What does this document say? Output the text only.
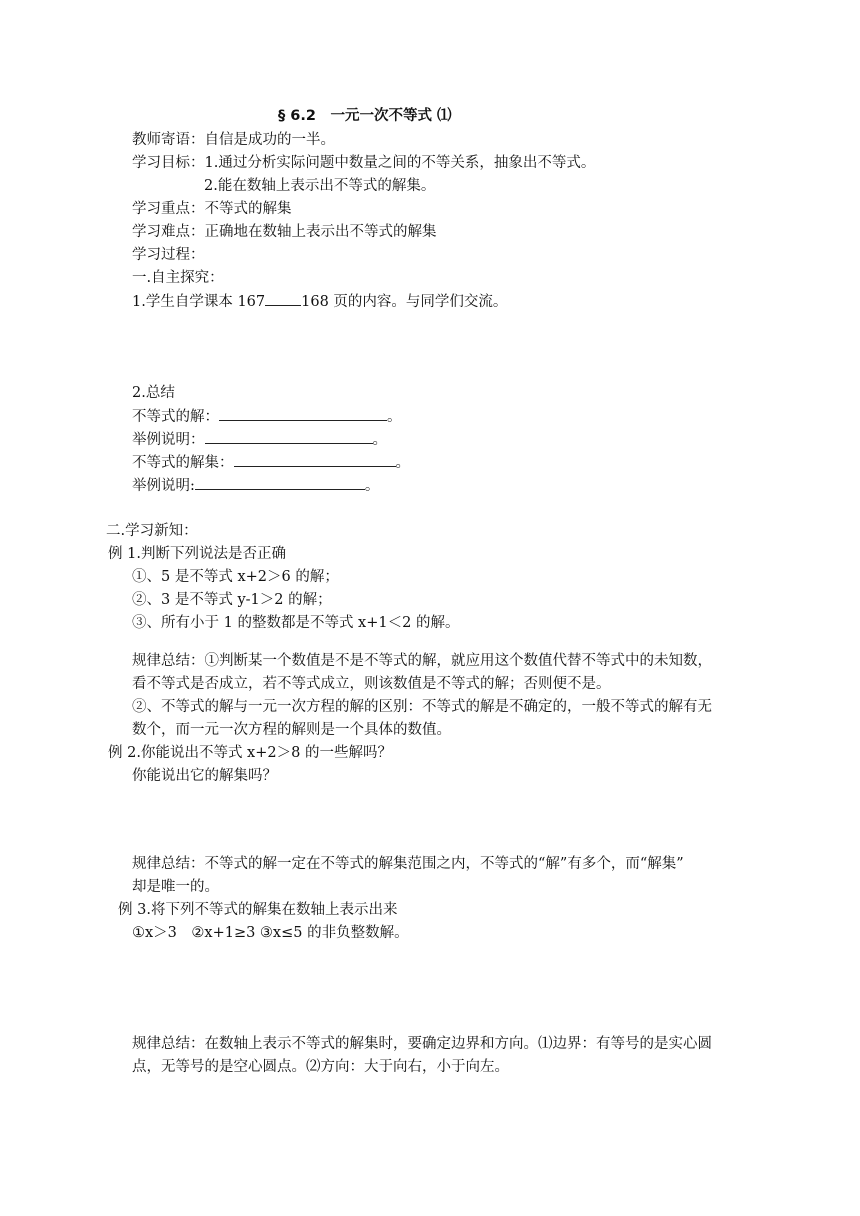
§ 6.2　一元一次不等式 ⑴
教师寄语：自信是成功的一半。
学习目标：1.通过分析实际问题中数量之间的不等关系，抽象出不等式。
2.能在数轴上表示出不等式的解集。
学习重点：不等式的解集
学习难点：正确地在数轴上表示出不等式的解集
学习过程：
一.自主探究：
1.学生自学课本 167 168 页的内容。与同学们交流。
2.总结
不等式的解：	。
举例说明：	。
不等式的解集：	。
举例说明:	。
二.学习新知：
例 1.判断下列说法是否正确
①、5 是不等式 x+2＞6 的解；
②、3 是不等式 y-1＞2 的解；
③、所有小于 1 的整数都是不等式 x+1＜2 的解。
规律总结：①判断某一个数值是不是不等式的解，就应用这个数值代替不等式中的未知数，
看不等式是否成立，若不等式成立，则该数值是不等式的解；否则便不是。
②、不等式的解与一元一次方程的解的区别：不等式的解是不确定的，一般不等式的解有无
数个，而一元一次方程的解则是一个具体的数值。
例 2.你能说出不等式 x+2＞8 的一些解吗？
你能说出它的解集吗？
规律总结：不等式的解一定在不等式的解集范围之内，不等式的“解”有多个，而“解集”
却是唯一的。
例 3.将下列不等式的解集在数轴上表示出来
①x＞3　②x+1≥3 ③x≤5 的非负整数解。
规律总结：在数轴上表示不等式的解集时，要确定边界和方向。⑴边界：有等号的是实心圆
点，无等号的是空心圆点。⑵方向：大于向右，小于向左。
